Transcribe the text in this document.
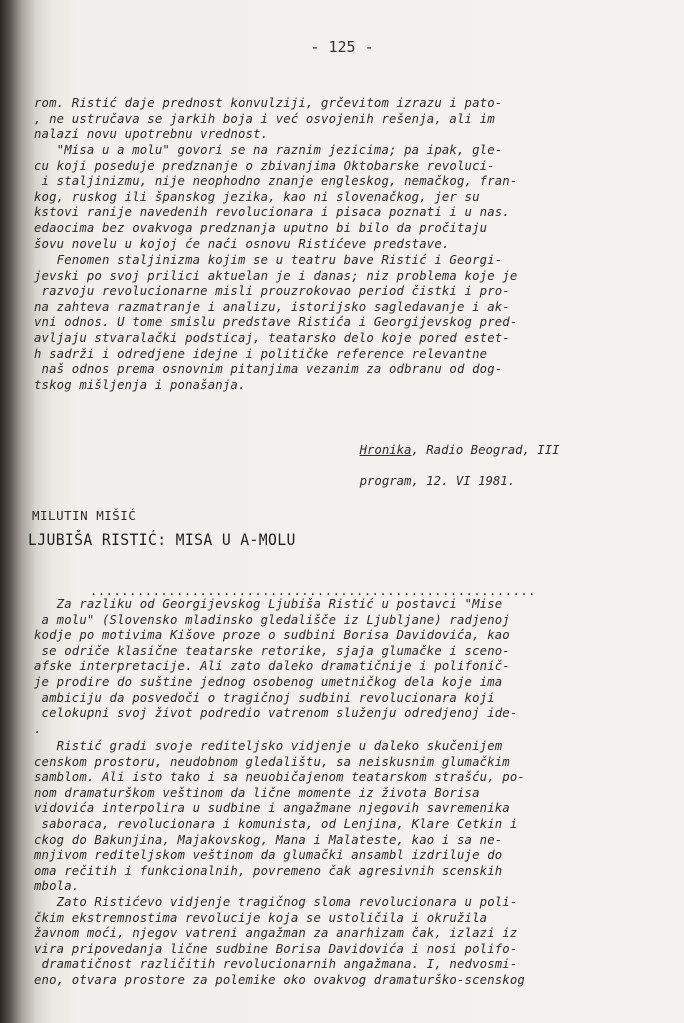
- 125 -
rom. Ristić daje prednost konvulziji, grčevitom izrazu i pato-
, ne ustručava se jarkih boja i već osvojenih rešenja, ali im
nalazi novu upotrebnu vrednost.
"Misa u a molu" govori se na raznim jezicima; pa ipak, gle-
cu koji poseduje predznanje o zbivanjima Oktobarske revoluci-
i staljinizmu, nije neophodno znanje engleskog, nemačkog, fran-
kog, ruskog ili španskog jezika, kao ni slovenačkog, jer su
kstovi ranije navedenih revolucionara i pisaca poznati i u nas.
edaocima bez ovakvoga predznanja uputno bi bilo da pročitaju
šovu novelu u kojoj će naći osnovu Ristićeve predstave.
Fenomen staljinizma kojim se u teatru bave Ristić i Georgi-
jevski po svoj prilici aktuelan je i danas; niz problema koje je
razvoju revolucionarne misli prouzrokovao period čistki i pro-
na zahteva razmatranje i analizu, istorijsko sagledavanje i ak-
vni odnos. U tome smislu predstave Ristića i Georgijevskog pred-
avljaju stvaralački podsticaj, teatarsko delo koje pored estet-
h sadrži i odredjene idejne i političke reference relevantne
naš odnos prema osnovnim pitanjima vezanim za odbranu od dog-
tskog mišljenja i ponašanja.

Hronika, Radio Beograd, III

program, 12. VI 1981.

MILUTIN MIŠIĆ
LJUBIŠA RISTIĆ: MISA U A-MOLU
.........................................................
Za razliku od Georgijevskog Ljubiša Ristić u postavci "Mise
a molu" (Slovensko mladinsko gledališče iz Ljubljane) radjenoj
kodje po motivima Kišove proze o sudbini Borisa Davidovića, kao
se odriče klasične teatarske retorike, sjaja glumačke i sceno-
afske interpretacije. Ali zato daleko dramatičnije i polifonič-
je prodire do suštine jednog osobenog umetničkog dela koje ima
ambiciju da posvedoči o tragičnoj sudbini revolucionara koji
celokupni svoj život podredio vatrenom služenju odredjenoj ide-
.
Ristić gradi svoje rediteljsko vidjenje u daleko skučenijem
censkom prostoru, neudobnom gledalištu, sa neiskusnim glumačkim
samblom. Ali isto tako i sa neuobičajenom teatarskom strašću, po-
nom dramaturškom veštinom da lične momente iz života Borisa
vidovića interpolira u sudbine i angažmane njegovih savremenika
saboraca, revolucionara i komunista, od Lenjina, Klare Cetkin i
ckog do Bakunjina, Majakovskog, Mana i Malateste, kao i sa ne-
mnjivom rediteljskom veštinom da glumački ansambl izdriluje do
oma rečitih i funkcionalnih, povremeno čak agresivnih scenskih
mbola.
Zato Ristićevo vidjenje tragičnog sloma revolucionara u poli-
čkim ekstremnostima revolucije koja se ustoličila i okružila
žavnom moći, njegov vatreni angažman za anarhizam čak, izlazi iz
vira pripovedanja lične sudbine Borisa Davidovića i nosi polifo-
dramatičnost različitih revolucionarnih angažmana. I, nedvosmi-
eno, otvara prostore za polemike oko ovakvog dramaturško-scenskog
